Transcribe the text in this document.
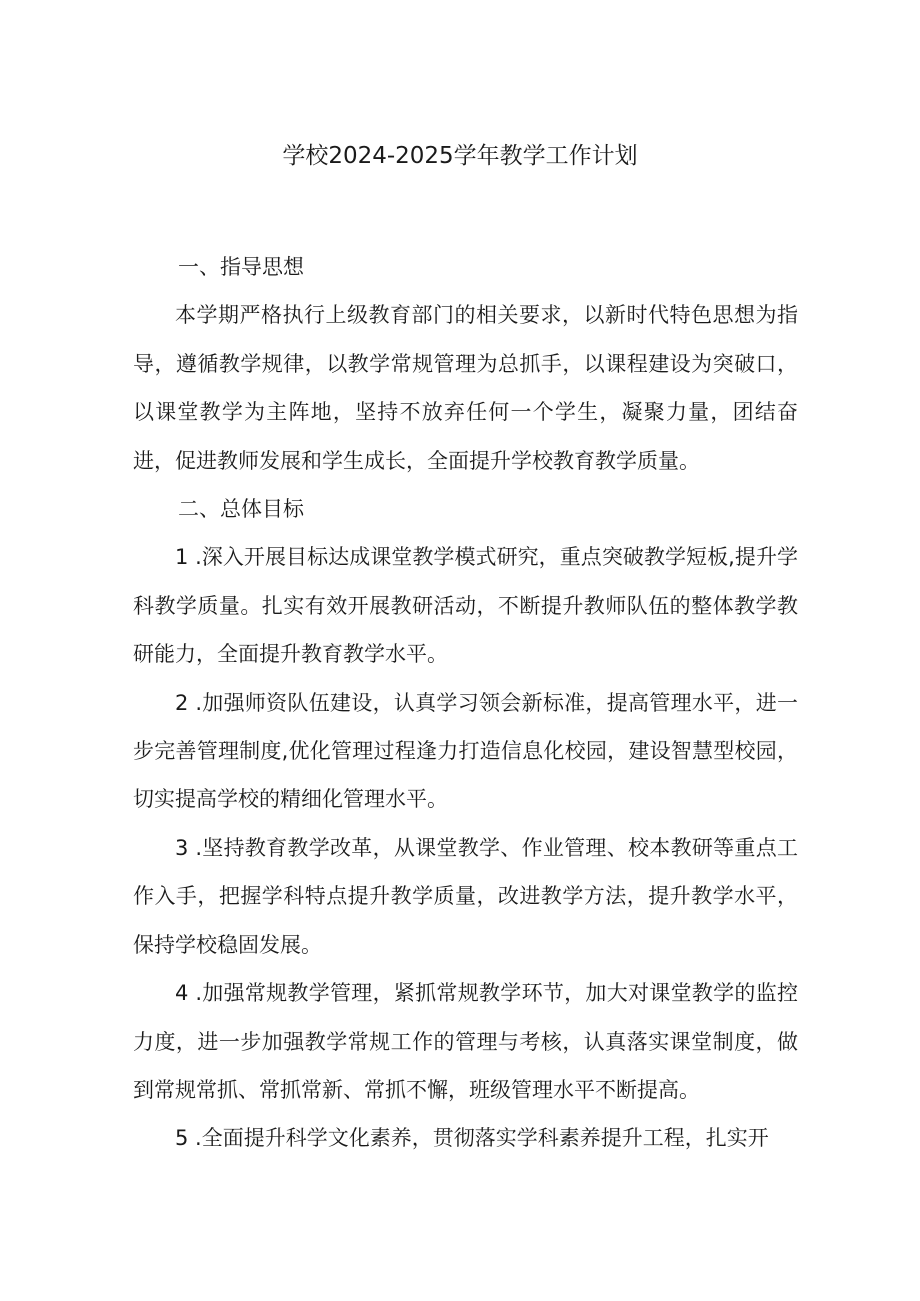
学校2024-2025学年教学工作计划

一、指导思想

本学期严格执行上级教育部门的相关要求，以新时代特色思想为指导，遵循教学规律，以教学常规管理为总抓手，以课程建设为突破口，以课堂教学为主阵地，坚持不放弃任何一个学生，凝聚力量，团结奋进，促进教师发展和学生成长，全面提升学校教育教学质量。

二、总体目标

1 .深入开展目标达成课堂教学模式研究，重点突破教学短板,提升学科教学质量。扎实有效开展教研活动，不断提升教师队伍的整体教学教研能力，全面提升教育教学水平。

2 .加强师资队伍建设，认真学习领会新标准，提高管理水平，进一步完善管理制度,优化管理过程逢力打造信息化校园，建设智慧型校园，切实提高学校的精细化管理水平。

3 .坚持教育教学改革，从课堂教学、作业管理、校本教研等重点工作入手，把握学科特点提升教学质量，改进教学方法，提升教学水平，保持学校稳固发展。

4 .加强常规教学管理，紧抓常规教学环节，加大对课堂教学的监控力度，进一步加强教学常规工作的管理与考核，认真落实课堂制度，做到常规常抓、常抓常新、常抓不懈，班级管理水平不断提高。

5 .全面提升科学文化素养，贯彻落实学科素养提升工程，扎实开
